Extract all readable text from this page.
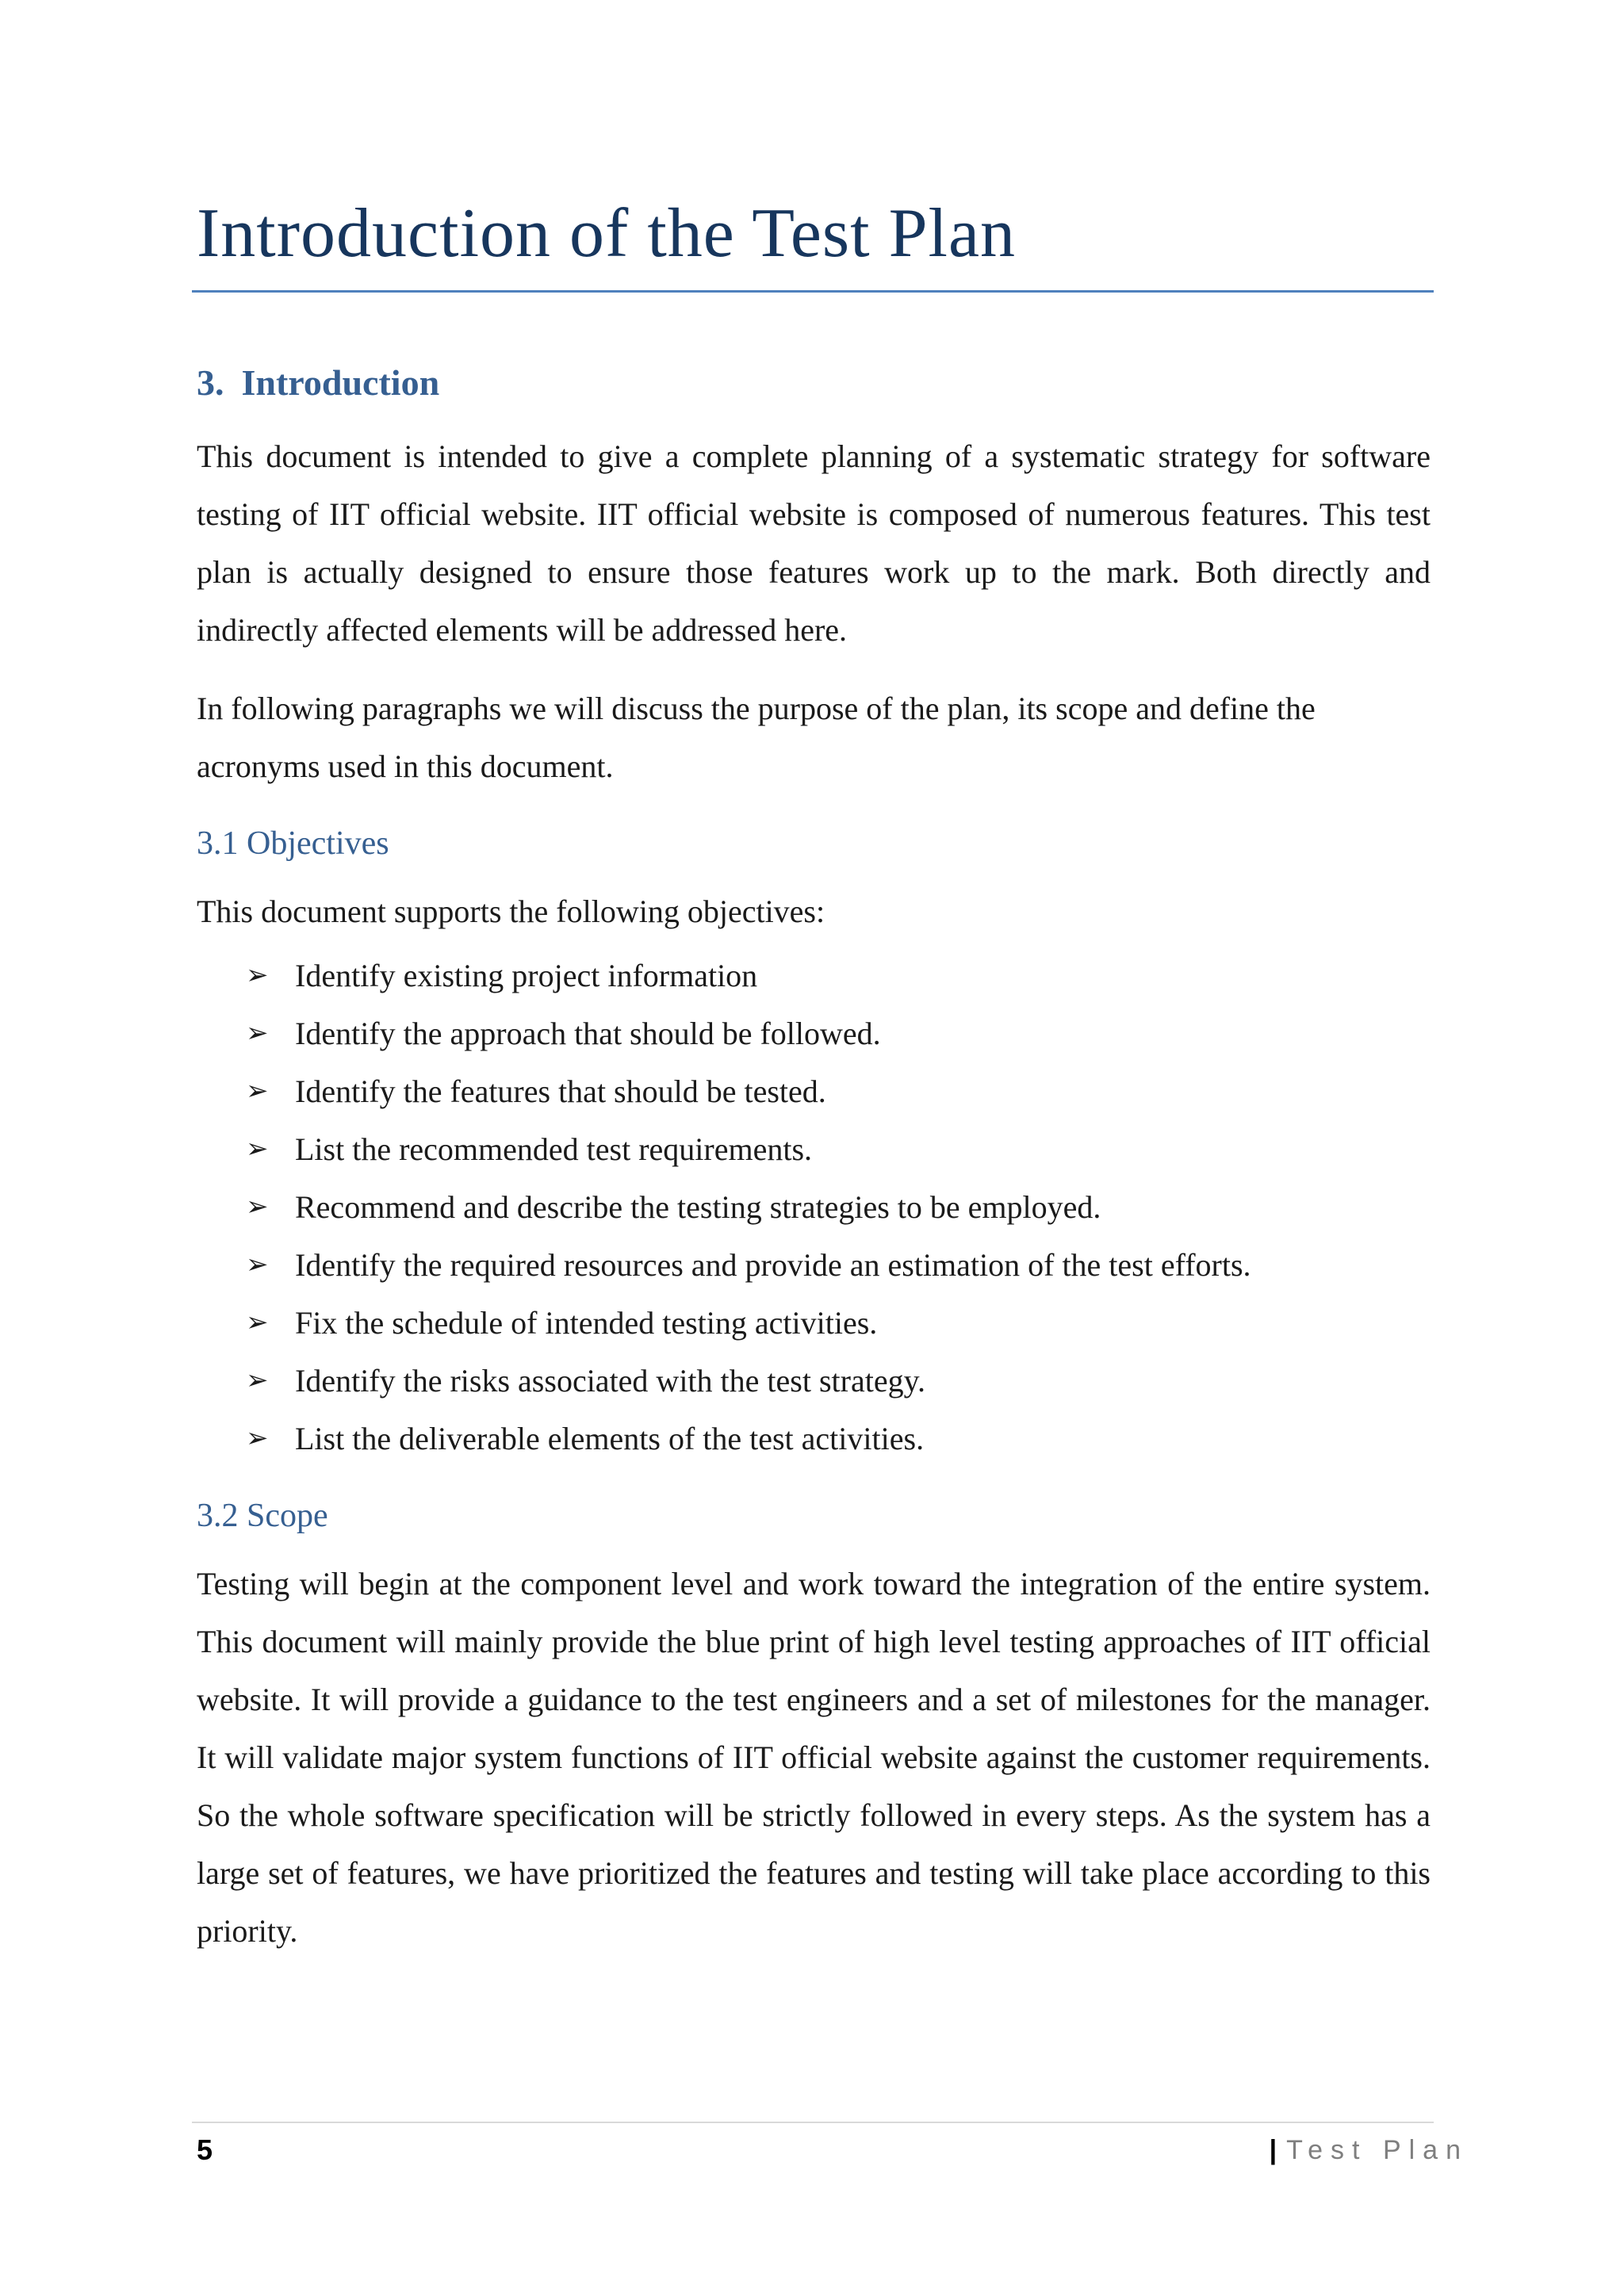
Introduction of the Test Plan
3. Introduction

This document is intended to give a complete planning of a systematic strategy for software testing of IIT official website. IIT official website is composed of numerous features. This test plan is actually designed to ensure those features work up to the mark. Both directly and indirectly affected elements will be addressed here.

In following paragraphs we will discuss the purpose of the plan, its scope and define the acronyms used in this document.

3.1 Objectives

This document supports the following objectives:

➢ Identify existing project information
➢ Identify the approach that should be followed.
➢ Identify the features that should be tested.
➢ List the recommended test requirements.
➢ Recommend and describe the testing strategies to be employed.
➢ Identify the required resources and provide an estimation of the test efforts.
➢ Fix the schedule of intended testing activities.
➢ Identify the risks associated with the test strategy.
➢ List the deliverable elements of the test activities.
3.2 Scope

Testing will begin at the component level and work toward the integration of the entire system. This document will mainly provide the blue print of high level testing approaches of IIT official website. It will provide a guidance to the test engineers and a set of milestones for the manager. It will validate major system functions of IIT official website against the customer requirements. So the whole software specification will be strictly followed in every steps. As the system has a large set of features, we have prioritized the features and testing will take place according to this priority.

5	| Test Plan
